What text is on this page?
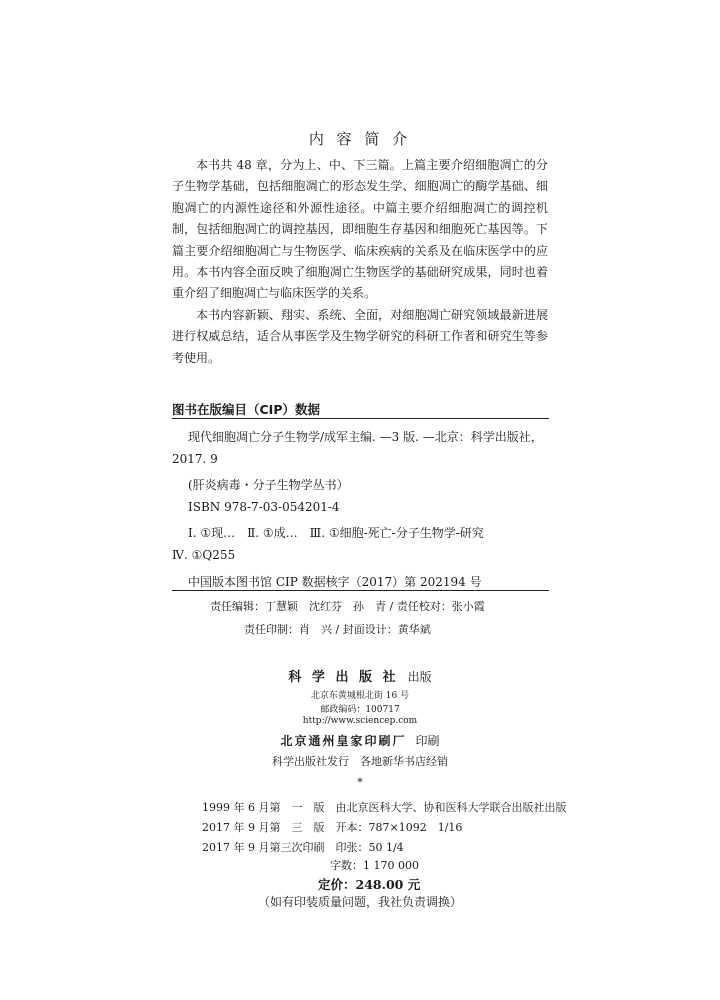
内 容 简 介

本书共 48 章，分为上、中、下三篇。上篇主要介绍细胞凋亡的分子生物学基础，包括细胞凋亡的形态发生学、细胞凋亡的酶学基础、细胞凋亡的内源性途径和外源性途径。中篇主要介绍细胞凋亡的调控机制，包括细胞凋亡的调控基因，即细胞生存基因和细胞死亡基因等。下篇主要介绍细胞凋亡与生物医学、临床疾病的关系及在临床医学中的应用。本书内容全面反映了细胞凋亡生物医学的基础研究成果，同时也着重介绍了细胞凋亡与临床医学的关系。

本书内容新颖、翔实、系统、全面，对细胞凋亡研究领域最新进展进行权威总结，适合从事医学及生物学研究的科研工作者和研究生等参考使用。

图书在版编目（CIP）数据
现代细胞凋亡分子生物学/成军主编. —3 版. —北京：科学出版社，
2017. 9
(肝炎病毒・分子生物学丛书）
ISBN 978-7-03-054201-4
Ⅰ. ①现…　Ⅱ. ①成…　Ⅲ. ①细胞-死亡-分子生物学-研究
Ⅳ. ①Q255
中国版本图书馆 CIP 数据核字（2017）第 202194 号
责任编辑：丁慧颖　沈红芬　孙　青 / 责任校对：张小霞
责任印制：肖　兴 / 封面设计：黄华斌
科 学 出 版 社 出版
北京东黄城根北街 16 号
邮政编码：100717
http://www.sciencep.com
北京通州皇家印刷厂 印刷
科学出版社发行　各地新华书店经销
*
1999 年 6 月第　一　版　由北京医科大学、协和医科大学联合出版社出版
2017 年 9 月第　三　版　开本：787×1092　1/16
2017 年 9 月第三次印刷　印张：50 1/4
字数：1 170 000
定价：248.00 元
（如有印装质量问题，我社负责调换）
